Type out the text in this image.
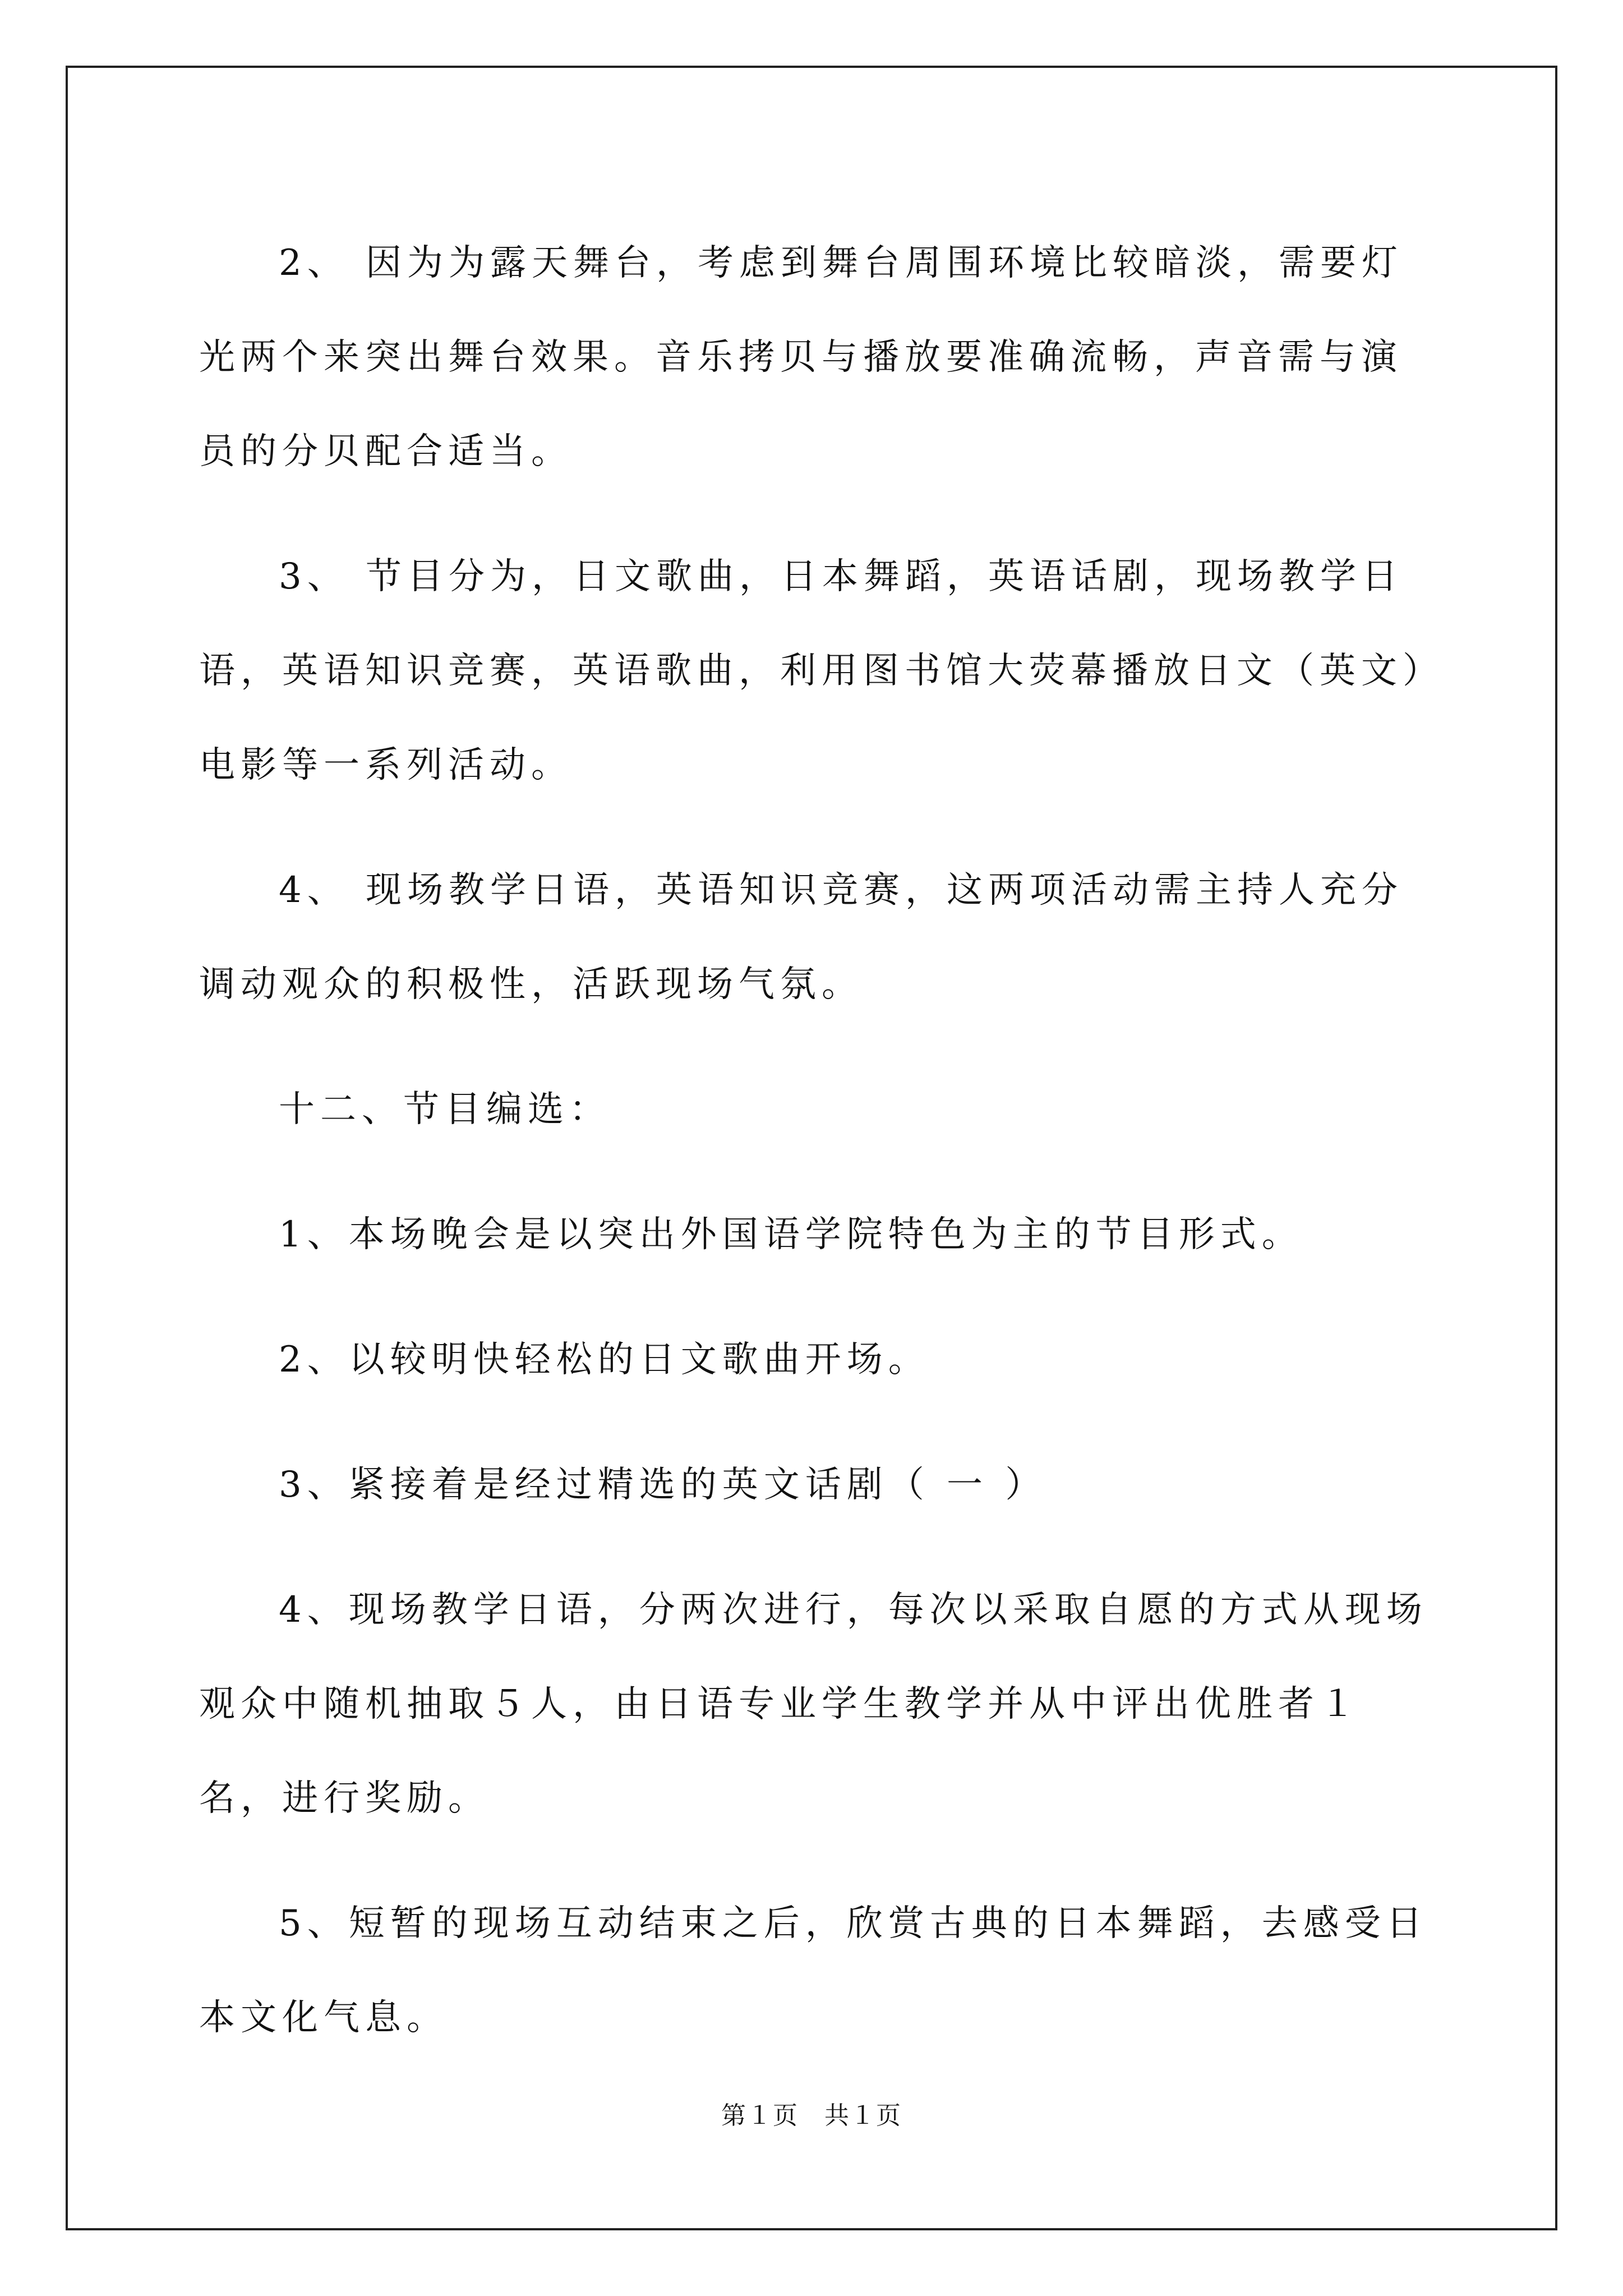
2、 因为为露天舞台，考虑到舞台周围环境比较暗淡，需要灯光两个来突出舞台效果。音乐拷贝与播放要准确流畅，声音需与演员的分贝配合适当。

3、 节目分为，日文歌曲，日本舞蹈，英语话剧，现场教学日语，英语知识竞赛，英语歌曲，利用图书馆大荧幕播放日文（英文）电影等一系列活动。

4、 现场教学日语，英语知识竞赛，这两项活动需主持人充分调动观众的积极性，活跃现场气氛。

十二、节目编选：

1、本场晚会是以突出外国语学院特色为主的节目形式。

2、以较明快轻松的日文歌曲开场。

3、紧接着是经过精选的英文话剧（ 一 ）

4、现场教学日语，分两次进行，每次以采取自愿的方式从现场观众中随机抽取５人，由日语专业学生教学并从中评出优胜者１名，进行奖励。

5、短暂的现场互动结束之后，欣赏古典的日本舞蹈，去感受日本文化气息。

第１页　共１页
